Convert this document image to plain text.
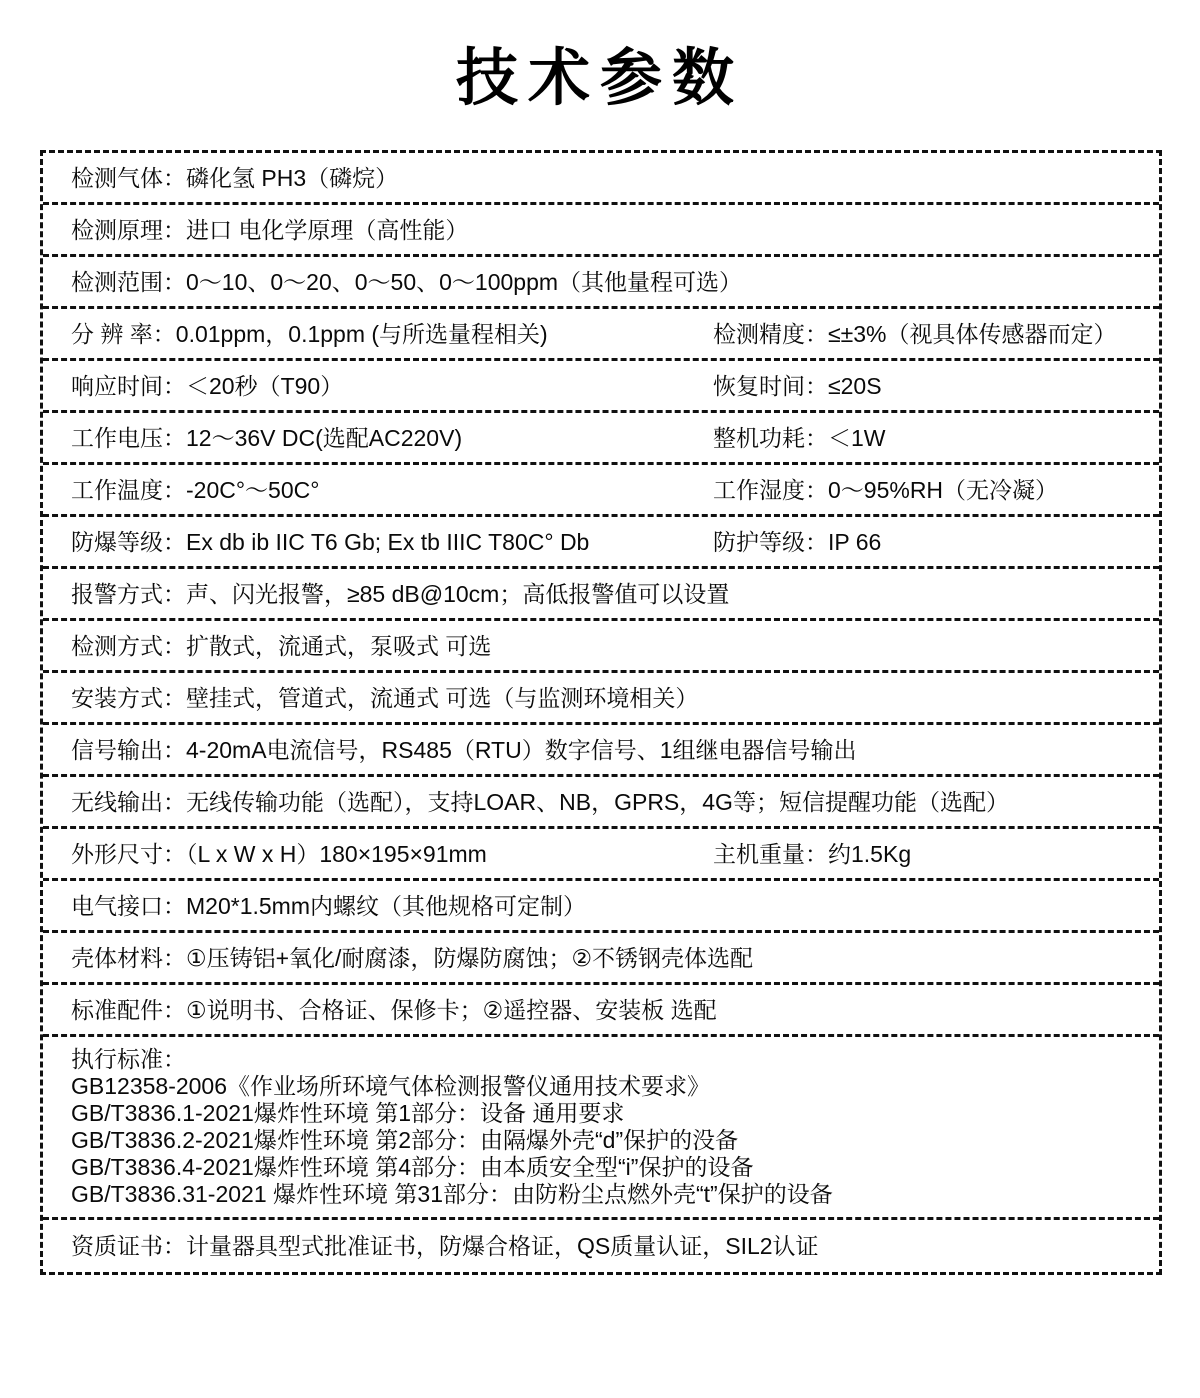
技术参数
检测气体：磷化氢 PH3（磷烷）
检测原理：进口 电化学原理（高性能）
检测范围：0～10、0～20、0～50、0～100ppm（其他量程可选）
分 辨 率：0.01ppm，0.1ppm (与所选量程相关)	检测精度：≤±3%（视具体传感器而定）
响应时间：＜20秒（T90）	恢复时间：≤20S
工作电压：12～36V DC(选配AC220V)	整机功耗：＜1W
工作温度：-20C°～50C°	工作湿度：0～95%RH（无冷凝）
防爆等级：Ex db ib IIC T6 Gb; Ex tb IIIC T80C° Db	防护等级：IP 66
报警方式：声、闪光报警，≥85 dB@10cm；高低报警值可以设置
检测方式：扩散式，流通式，泵吸式 可选
安装方式：壁挂式，管道式，流通式 可选（与监测环境相关）
信号输出：4-20mA电流信号，RS485（RTU）数字信号、1组继电器信号输出
无线输出：无线传输功能（选配），支持LOAR、NB，GPRS，4G等；短信提醒功能（选配）
外形尺寸：（L x W x H）180×195×91mm	主机重量：约1.5Kg
电气接口：M20*1.5mm内螺纹（其他规格可定制）
壳体材料：①压铸铝+氧化/耐腐漆，防爆防腐蚀；②不锈钢壳体选配
标准配件：①说明书、合格证、保修卡；②遥控器、安装板 选配
执行标准：
GB12358-2006《作业场所环境气体检测报警仪通用技术要求》
GB/T3836.1-2021爆炸性环境 第1部分：设备 通用要求
GB/T3836.2-2021爆炸性环境 第2部分：由隔爆外壳“d”保护的没备
GB/T3836.4-2021爆炸性环境 第4部分：由本质安全型“i”保护的设备
GB/T3836.31-2021 爆炸性环境 第31部分：由防粉尘点燃外壳“t”保护的设备
资质证书：计量器具型式批准证书，防爆合格证，QS质量认证，SIL2认证
